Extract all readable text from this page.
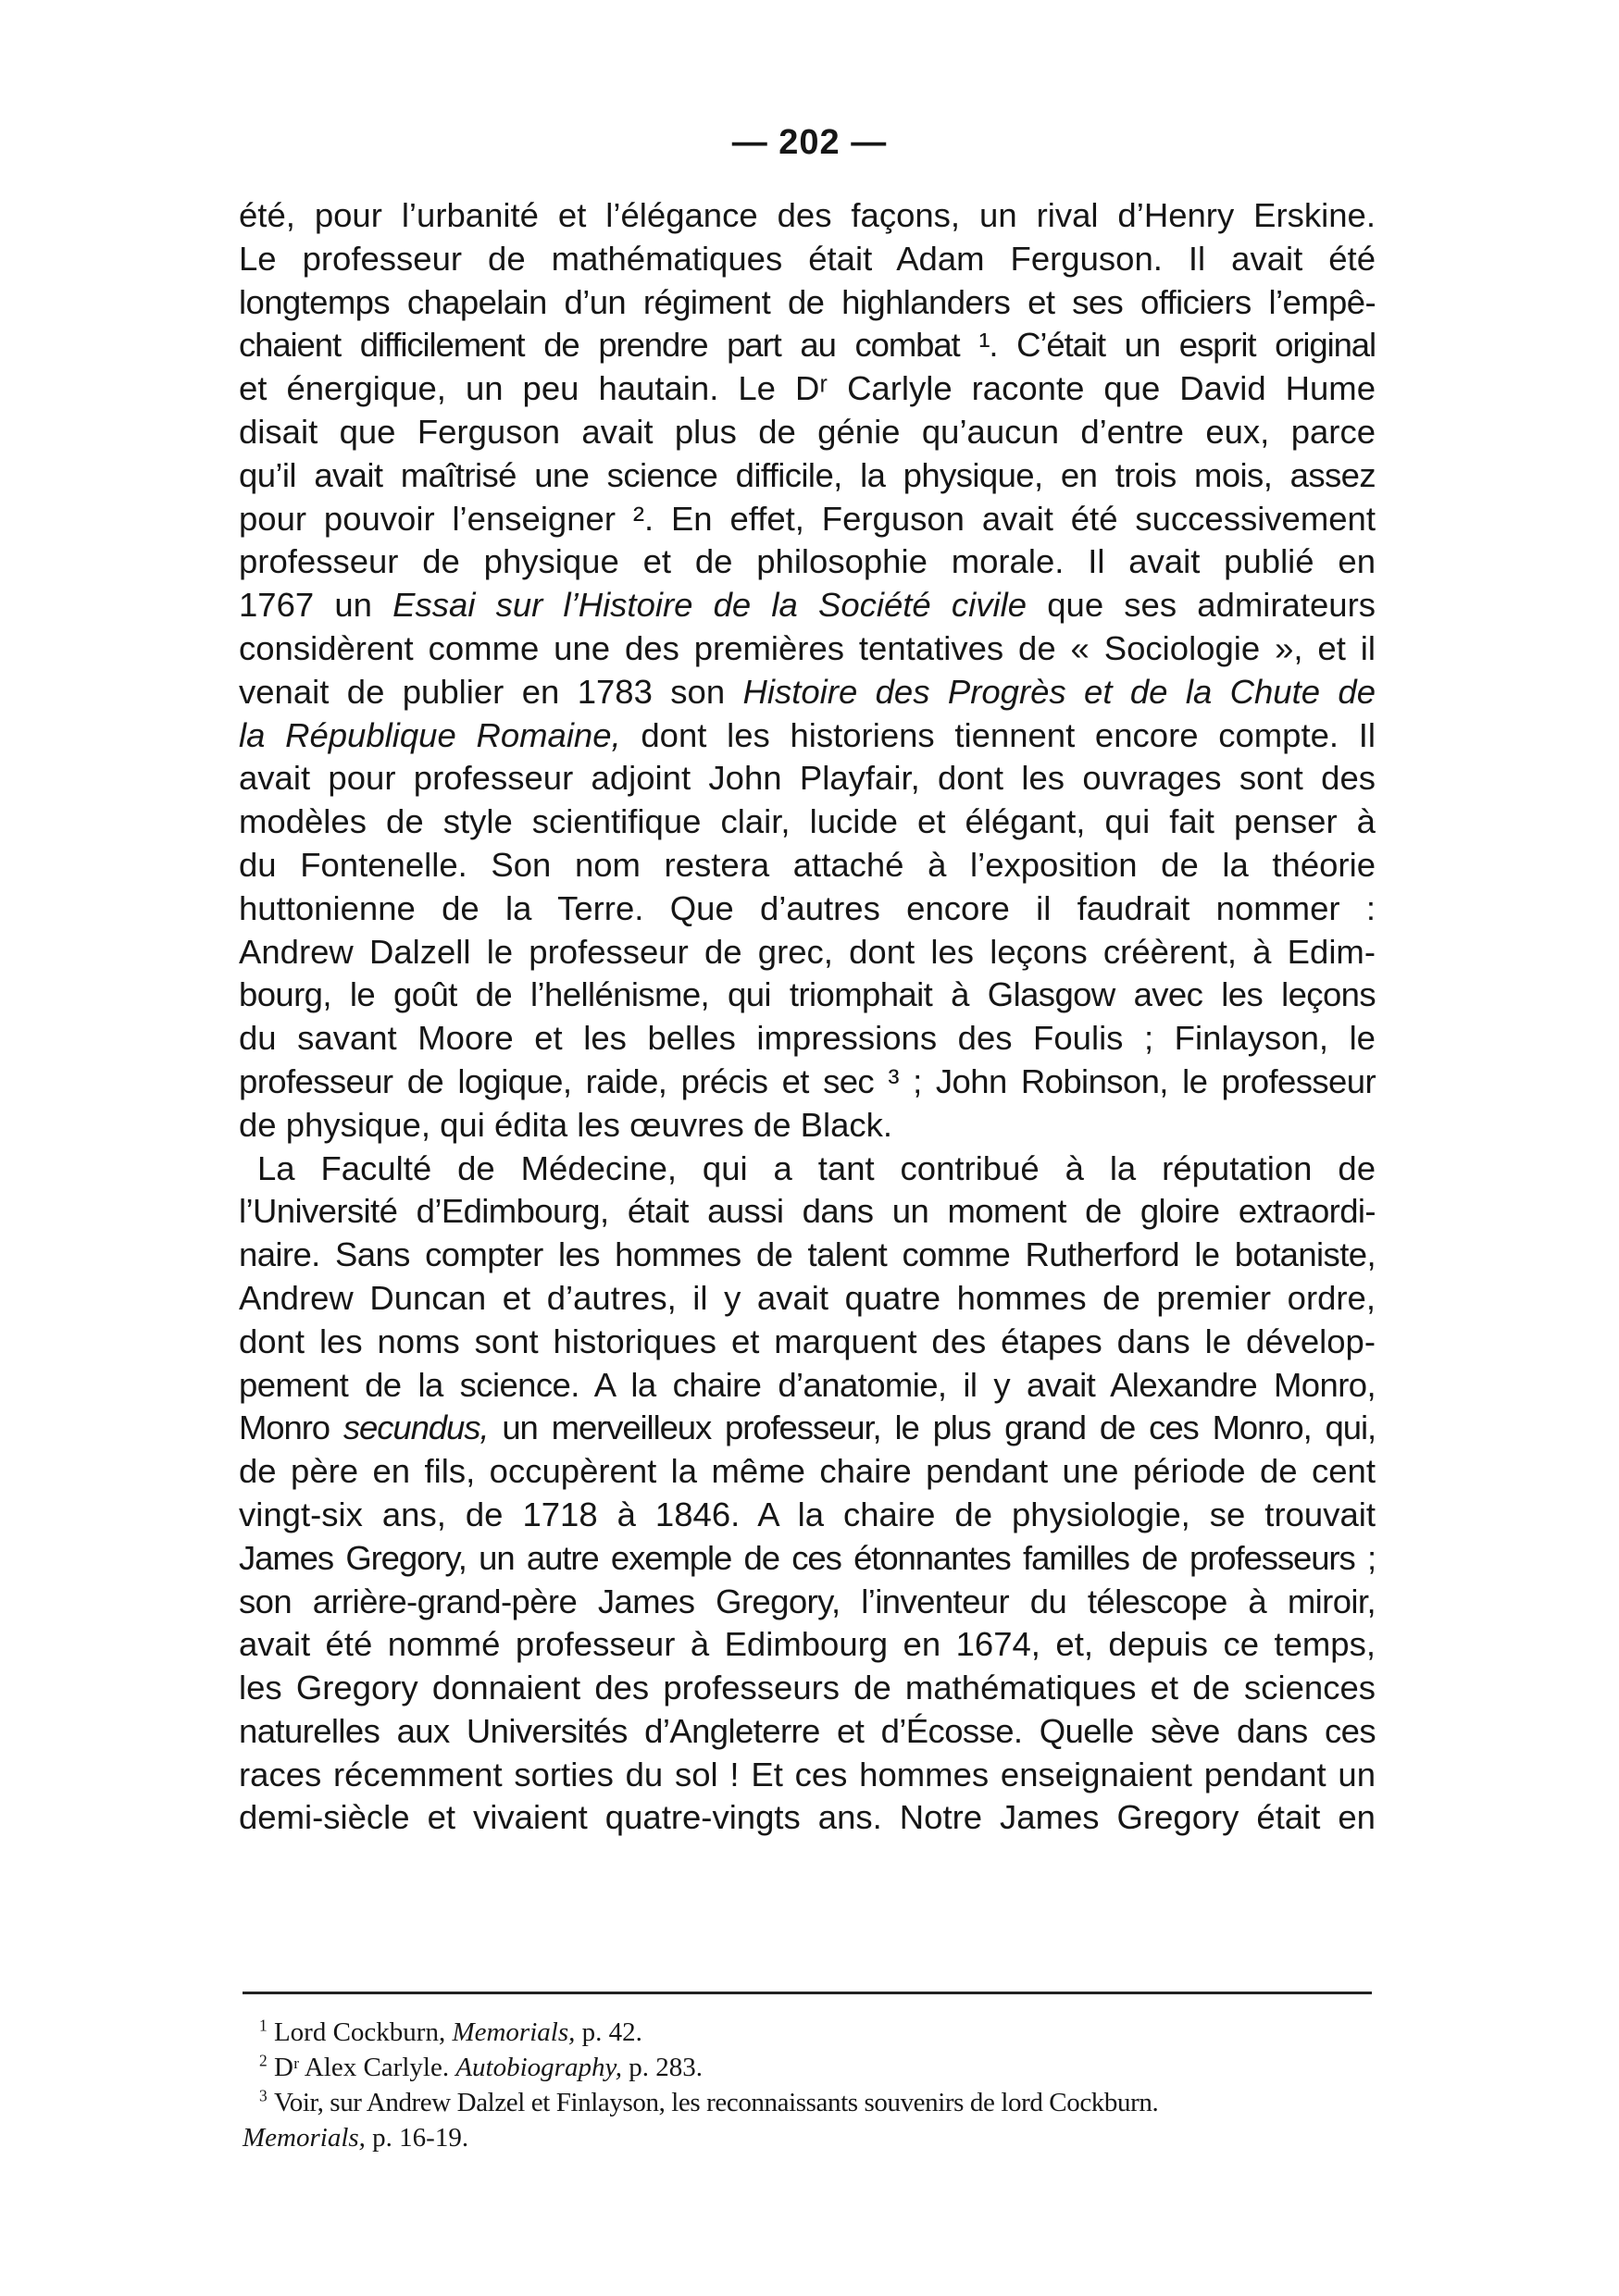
— 202 —

été, pour l’urbanité et l’élégance des façons, un rival d’Henry Erskine.
Le professeur de mathématiques était Adam Ferguson. Il avait été
longtemps chapelain d’un régiment de highlanders et ses officiers l’empê-
chaient difficilement de prendre part au combat ¹. C’était un esprit original
et énergique, un peu hautain. Le Dʳ Carlyle raconte que David Hume
disait que Ferguson avait plus de génie qu’aucun d’entre eux, parce
qu’il avait maîtrisé une science difficile, la physique, en trois mois, assez
pour pouvoir l’enseigner ². En effet, Ferguson avait été successivement
professeur de physique et de philosophie morale. Il avait publié en
1767 un Essai sur l’Histoire de la Société civile que ses admirateurs
considèrent comme une des premières tentatives de « Sociologie », et il
venait de publier en 1783 son Histoire des Progrès et de la Chute de
la République Romaine, dont les historiens tiennent encore compte. Il
avait pour professeur adjoint John Playfair, dont les ouvrages sont des
modèles de style scientifique clair, lucide et élégant, qui fait penser à
du Fontenelle. Son nom restera attaché à l’exposition de la théorie
huttonienne de la Terre. Que d’autres encore il faudrait nommer :
Andrew Dalzell le professeur de grec, dont les leçons créèrent, à Edim-
bourg, le goût de l’hellénisme, qui triomphait à Glasgow avec les leçons
du savant Moore et les belles impressions des Foulis ; Finlayson, le
professeur de logique, raide, précis et sec ³ ; John Robinson, le professeur
de physique, qui édita les œuvres de Black.

La Faculté de Médecine, qui a tant contribué à la réputation de
l’Université d’Edimbourg, était aussi dans un moment de gloire extraordi-
naire. Sans compter les hommes de talent comme Rutherford le botaniste,
Andrew Duncan et d’autres, il y avait quatre hommes de premier ordre,
dont les noms sont historiques et marquent des étapes dans le dévelop-
pement de la science. A la chaire d’anatomie, il y avait Alexandre Monro,
Monro secundus, un merveilleux professeur, le plus grand de ces Monro, qui,
de père en fils, occupèrent la même chaire pendant une période de cent
vingt-six ans, de 1718 à 1846. A la chaire de physiologie, se trouvait
James Gregory, un autre exemple de ces étonnantes familles de professeurs ;
son arrière-grand-père James Gregory, l’inventeur du télescope à miroir,
avait été nommé professeur à Edimbourg en 1674, et, depuis ce temps,
les Gregory donnaient des professeurs de mathématiques et de sciences
naturelles aux Universités d’Angleterre et d’Écosse. Quelle sève dans ces
races récemment sorties du sol ! Et ces hommes enseignaient pendant un
demi-siècle et vivaient quatre-vingts ans. Notre James Gregory était en

$^1$ Lord Cockburn, Memorials, p. 42.
$^2$ Dʳ Alex Carlyle. Autobiography, p. 283.
$^3$ Voir, sur Andrew Dalzel et Finlayson, les reconnaissants souvenirs de lord Cockburn.
Memorials, p. 16-19.
